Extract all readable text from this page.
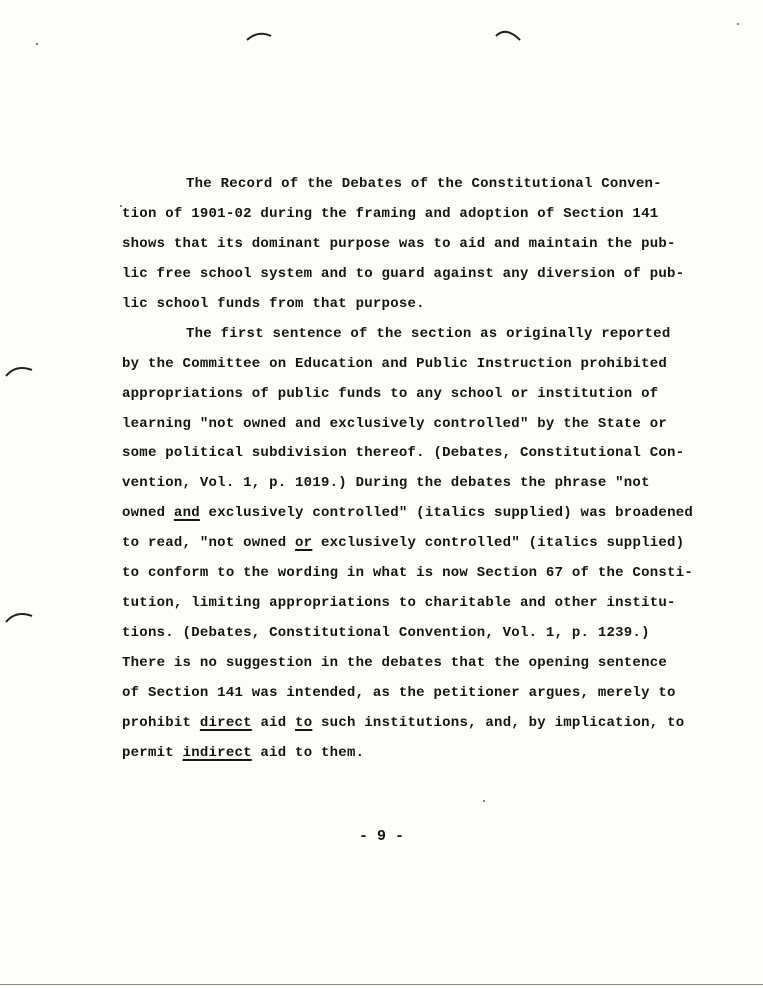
The Record of the Debates of the Constitutional Conven-
tion of 1901-02 during the framing and adoption of Section 141
shows that its dominant purpose was to aid and maintain the pub-
lic free school system and to guard against any diversion of pub-
lic school funds from that purpose.
The first sentence of the section as originally reported
by the Committee on Education and Public Instruction prohibited
appropriations of public funds to any school or institution of
learning "not owned and exclusively controlled" by the State or
some political subdivision thereof. (Debates, Constitutional Con-
vention, Vol. 1, p. 1019.) During the debates the phrase "not
owned and exclusively controlled" (italics supplied) was broadened
to read, "not owned or exclusively controlled" (italics supplied)
to conform to the wording in what is now Section 67 of the Consti-
tution, limiting appropriations to charitable and other institu-
tions. (Debates, Constitutional Convention, Vol. 1, p. 1239.)
There is no suggestion in the debates that the opening sentence
of Section 141 was intended, as the petitioner argues, merely to
prohibit direct aid to such institutions, and, by implication, to
permit indirect aid to them.
- 9 -
